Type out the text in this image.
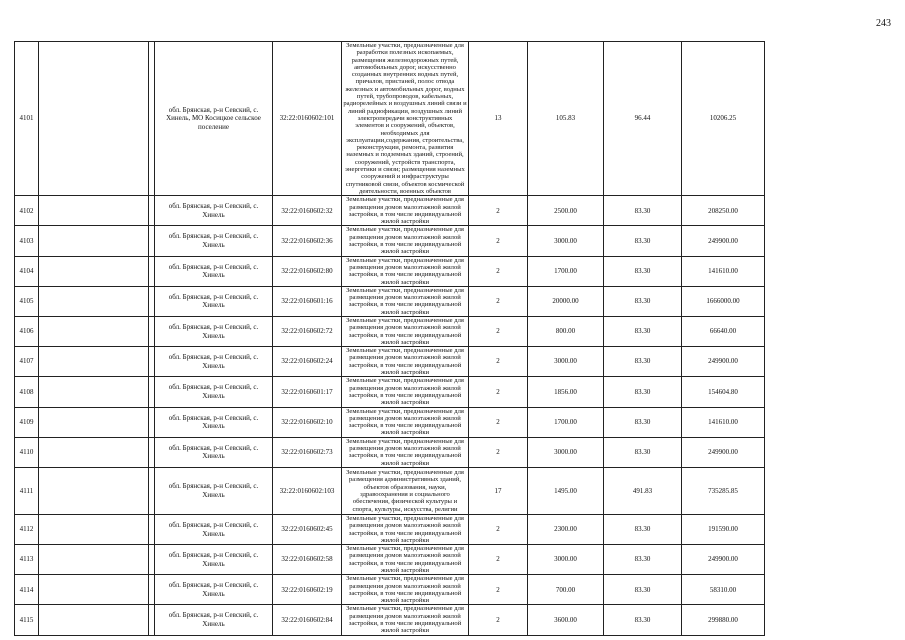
243
4101			обл. Брянская, р-н Севский, с. Хинель, МО Косицкое сельское поселение	32:22:0160602:101	Земельные участки, предназначенные для разработки полезных ископаемых, размещения железнодорожных путей, автомобильных дорог, искусственно созданных внутренних водных путей, причалов, пристаней, полос отвода железных и автомобильных дорог, водных путей, трубопроводов, кабельных, радиорелейных и воздушных линий связи и линий радиофикации, воздушных линий электропередачи конструктивных элементов и сооружений, объектов, необходимых для эксплуатации,содержания, строительства, реконструкции, ремонта, развития наземных и подземных зданий, строений, сооружений, устройств транспорта, энергетики и связи; размещения наземных сооружений и инфраструктуры спутниковой связи, объектов космической деятельности, военных объектов	13	105.83	96.44	10206.25
4102			обл. Брянская, р-н Севский, с. Хинель	32:22:0160602:32	Земельные участки, предназначенные для размещения домов малоэтажной жилой застройки, в том числе индивидуальной жилой застройки	2	2500.00	83.30	208250.00
4103			обл. Брянская, р-н Севский, с. Хинель	32:22:0160602:36	Земельные участки, предназначенные для размещения домов малоэтажной жилой застройки, в том числе индивидуальной жилой застройки	2	3000.00	83.30	249900.00
4104			обл. Брянская, р-н Севский, с. Хинель	32:22:0160602:80	Земельные участки, предназначенные для размещения домов малоэтажной жилой застройки, в том числе индивидуальной жилой застройки	2	1700.00	83.30	141610.00
4105			обл. Брянская, р-н Севский, с. Хинель	32:22:0160601:16	Земельные участки, предназначенные для размещения домов малоэтажной жилой застройки, в том числе индивидуальной жилой застройки	2	20000.00	83.30	1666000.00
4106			обл. Брянская, р-н Севский, с. Хинель	32:22:0160602:72	Земельные участки, предназначенные для размещения домов малоэтажной жилой застройки, в том числе индивидуальной жилой застройки	2	800.00	83.30	66640.00
4107			обл. Брянская, р-н Севский, с. Хинель	32:22:0160602:24	Земельные участки, предназначенные для размещения домов малоэтажной жилой застройки, в том числе индивидуальной жилой застройки	2	3000.00	83.30	249900.00
4108			обл. Брянская, р-н Севский, с. Хинель	32:22:0160601:17	Земельные участки, предназначенные для размещения домов малоэтажной жилой застройки, в том числе индивидуальной жилой застройки	2	1856.00	83.30	154604.80
4109			обл. Брянская, р-н Севский, с. Хинель	32:22:0160602:10	Земельные участки, предназначенные для размещения домов малоэтажной жилой застройки, в том числе индивидуальной жилой застройки	2	1700.00	83.30	141610.00
4110			обл. Брянская, р-н Севский, с. Хинель	32:22:0160602:73	Земельные участки, предназначенные для размещения домов малоэтажной жилой застройки, в том числе индивидуальной жилой застройки	2	3000.00	83.30	249900.00
4111			обл. Брянская, р-н Севский, с. Хинель	32:22:0160602:103	Земельные участки, предназначенные для размещения административных зданий, объектов образования, науки, здравоохранения и социального обеспечения, физической культуры и спорта, культуры, искусства, религии	17	1495.00	491.83	735285.85
4112			обл. Брянская, р-н Севский, с. Хинель	32:22:0160602:45	Земельные участки, предназначенные для размещения домов малоэтажной жилой застройки, в том числе индивидуальной жилой застройки	2	2300.00	83.30	191590.00
4113			обл. Брянская, р-н Севский, с. Хинель	32:22:0160602:58	Земельные участки, предназначенные для размещения домов малоэтажной жилой застройки, в том числе индивидуальной жилой застройки	2	3000.00	83.30	249900.00
4114			обл. Брянская, р-н Севский, с. Хинель	32:22:0160602:19	Земельные участки, предназначенные для размещения домов малоэтажной жилой застройки, в том числе индивидуальной жилой застройки	2	700.00	83.30	58310.00
4115			обл. Брянская, р-н Севский, с. Хинель	32:22:0160602:84	Земельные участки, предназначенные для размещения домов малоэтажной жилой застройки, в том числе индивидуальной жилой застройки	2	3600.00	83.30	299880.00
